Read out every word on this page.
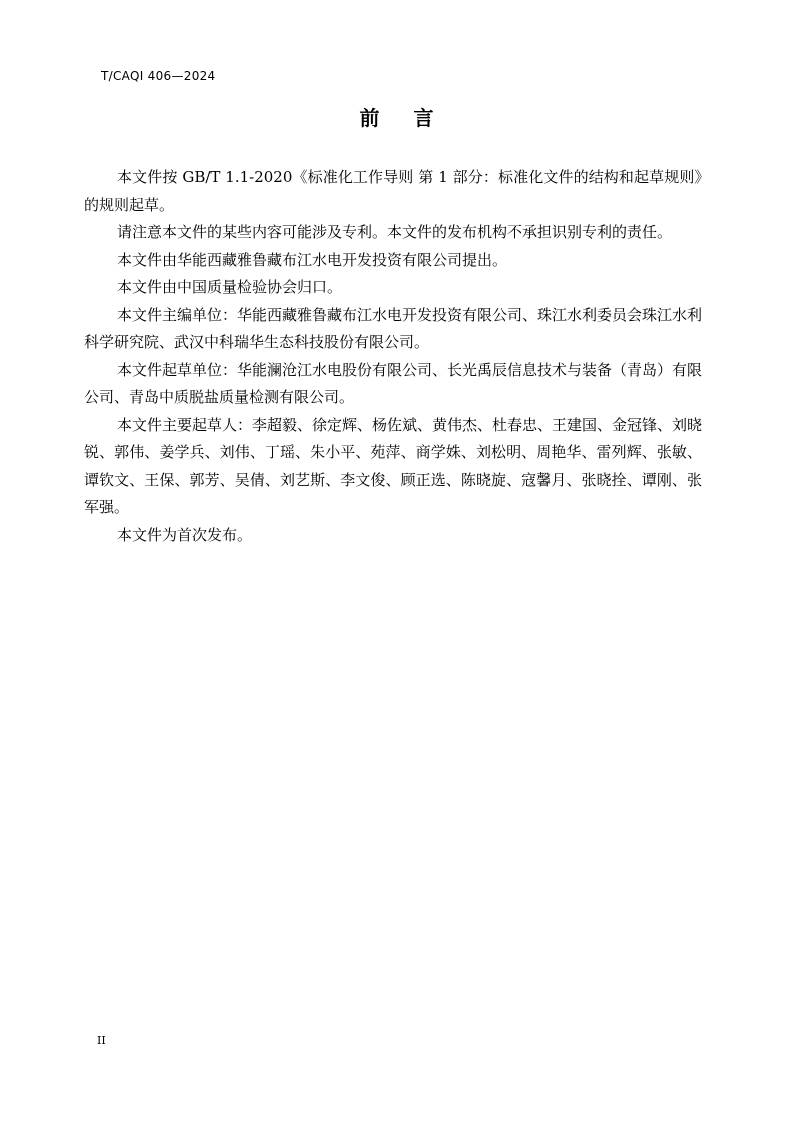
T/CAQI 406—2024
前 言

本文件按 GB/T 1.1-2020《标准化工作导则 第 1 部分：标准化文件的结构和起草规则》的规则起草。

请注意本文件的某些内容可能涉及专利。本文件的发布机构不承担识别专利的责任。

本文件由华能西藏雅鲁藏布江水电开发投资有限公司提出。

本文件由中国质量检验协会归口。

本文件主编单位：华能西藏雅鲁藏布江水电开发投资有限公司、珠江水利委员会珠江水利科学研究院、武汉中科瑞华生态科技股份有限公司。

本文件起草单位：华能澜沧江水电股份有限公司、长光禹辰信息技术与装备（青岛）有限公司、青岛中质脱盐质量检测有限公司。

本文件主要起草人：李超毅、徐定辉、杨佐斌、黄伟杰、杜春忠、王建国、金冠锋、刘晓锐、郭伟、姜学兵、刘伟、丁瑶、朱小平、苑萍、商学姝、刘松明、周艳华、雷列辉、张敏、谭钦文、王保、郭芳、吴倩、刘艺斯、李文俊、顾正选、陈晓旋、寇馨月、张晓拴、谭刚、张军强。

本文件为首次发布。

II
